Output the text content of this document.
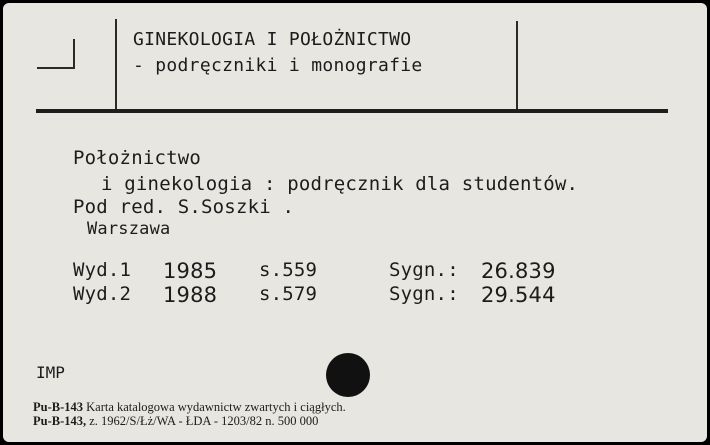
GINEKOLOGIA I POŁOŻNICTWO
- podręczniki i monografie
Położnictwo
i ginekologia : podręcznik dla studentów.
Pod red. S.Soszki .
Warszawa
Wyd.1 1985 s.559	Sygn.: 26.839
Wyd.2 1988 s.579	Sygn.: 29.544
IMP
Pu-B-143 Karta katalogowa wydawnictw zwartych i ciągłych.
Pu-B-143, z. 1962/S/Łż/WA - ŁDA - 1203/82 n. 500 000
